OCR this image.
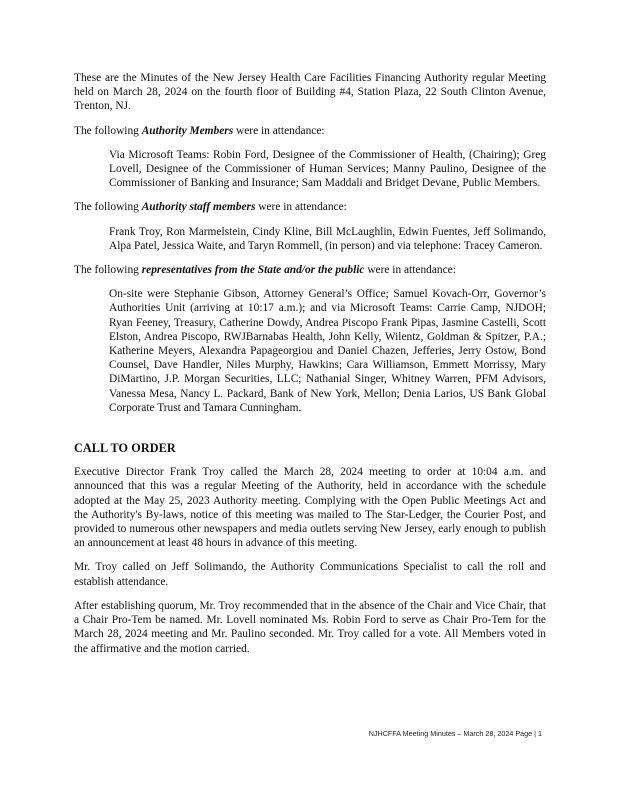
These are the Minutes of the New Jersey Health Care Facilities Financing Authority regular Meeting held on March 28, 2024 on the fourth floor of Building #4, Station Plaza, 22 South Clinton Avenue, Trenton, NJ.

The following Authority Members were in attendance:

Via Microsoft Teams: Robin Ford, Designee of the Commissioner of Health, (Chairing); Greg Lovell, Designee of the Commissioner of Human Services; Manny Paulino, Designee of the Commissioner of Banking and Insurance; Sam Maddali and Bridget Devane, Public Members.

The following Authority staff members were in attendance:

Frank Troy, Ron Marmelstein, Cindy Kline, Bill McLaughlin, Edwin Fuentes, Jeff Solimando, Alpa Patel, Jessica Waite, and Taryn Rommell, (in person) and via telephone: Tracey Cameron.

The following representatives from the State and/or the public were in attendance:

On-site were Stephanie Gibson, Attorney General’s Office; Samuel Kovach-Orr, Governor’s Authorities Unit (arriving at 10:17 a.m.); and via Microsoft Teams: Carrie Camp, NJDOH; Ryan Feeney, Treasury, Catherine Dowdy, Andrea Piscopo Frank Pipas, Jasmine Castelli, Scott Elston, Andrea Piscopo, RWJBarnabas Health, John Kelly, Wilentz, Goldman & Spitzer, P.A.; Katherine Meyers, Alexandra Papageorgiou and Daniel Chazen, Jefferies, Jerry Ostow, Bond Counsel, Dave Handler, Niles Murphy, Hawkins; Cara Williamson, Emmett Morrissy, Mary DiMartino, J.P. Morgan Securities, LLC; Nathanial Singer, Whitney Warren, PFM Advisors, Vanessa Mesa, Nancy L. Packard, Bank of New York, Mellon; Denia Larios, US Bank Global Corporate Trust and Tamara Cunningham.
CALL TO ORDER

Executive Director Frank Troy called the March 28, 2024 meeting to order at 10:04 a.m. and announced that this was a regular Meeting of the Authority, held in accordance with the schedule adopted at the May 25, 2023 Authority meeting. Complying with the Open Public Meetings Act and the Authority's By-laws, notice of this meeting was mailed to The Star-Ledger, the Courier Post, and provided to numerous other newspapers and media outlets serving New Jersey, early enough to publish an announcement at least 48 hours in advance of this meeting.

Mr. Troy called on Jeff Solimando, the Authority Communications Specialist to call the roll and establish attendance.

After establishing quorum, Mr. Troy recommended that in the absence of the Chair and Vice Chair, that a Chair Pro-Tem be named. Mr. Lovell nominated Ms. Robin Ford to serve as Chair Pro-Tem for the March 28, 2024 meeting and Mr. Paulino seconded. Mr. Troy called for a vote. All Members voted in the affirmative and the motion carried.

NJHCFFA Meeting Minutes – March 28, 2024 Page | 1
